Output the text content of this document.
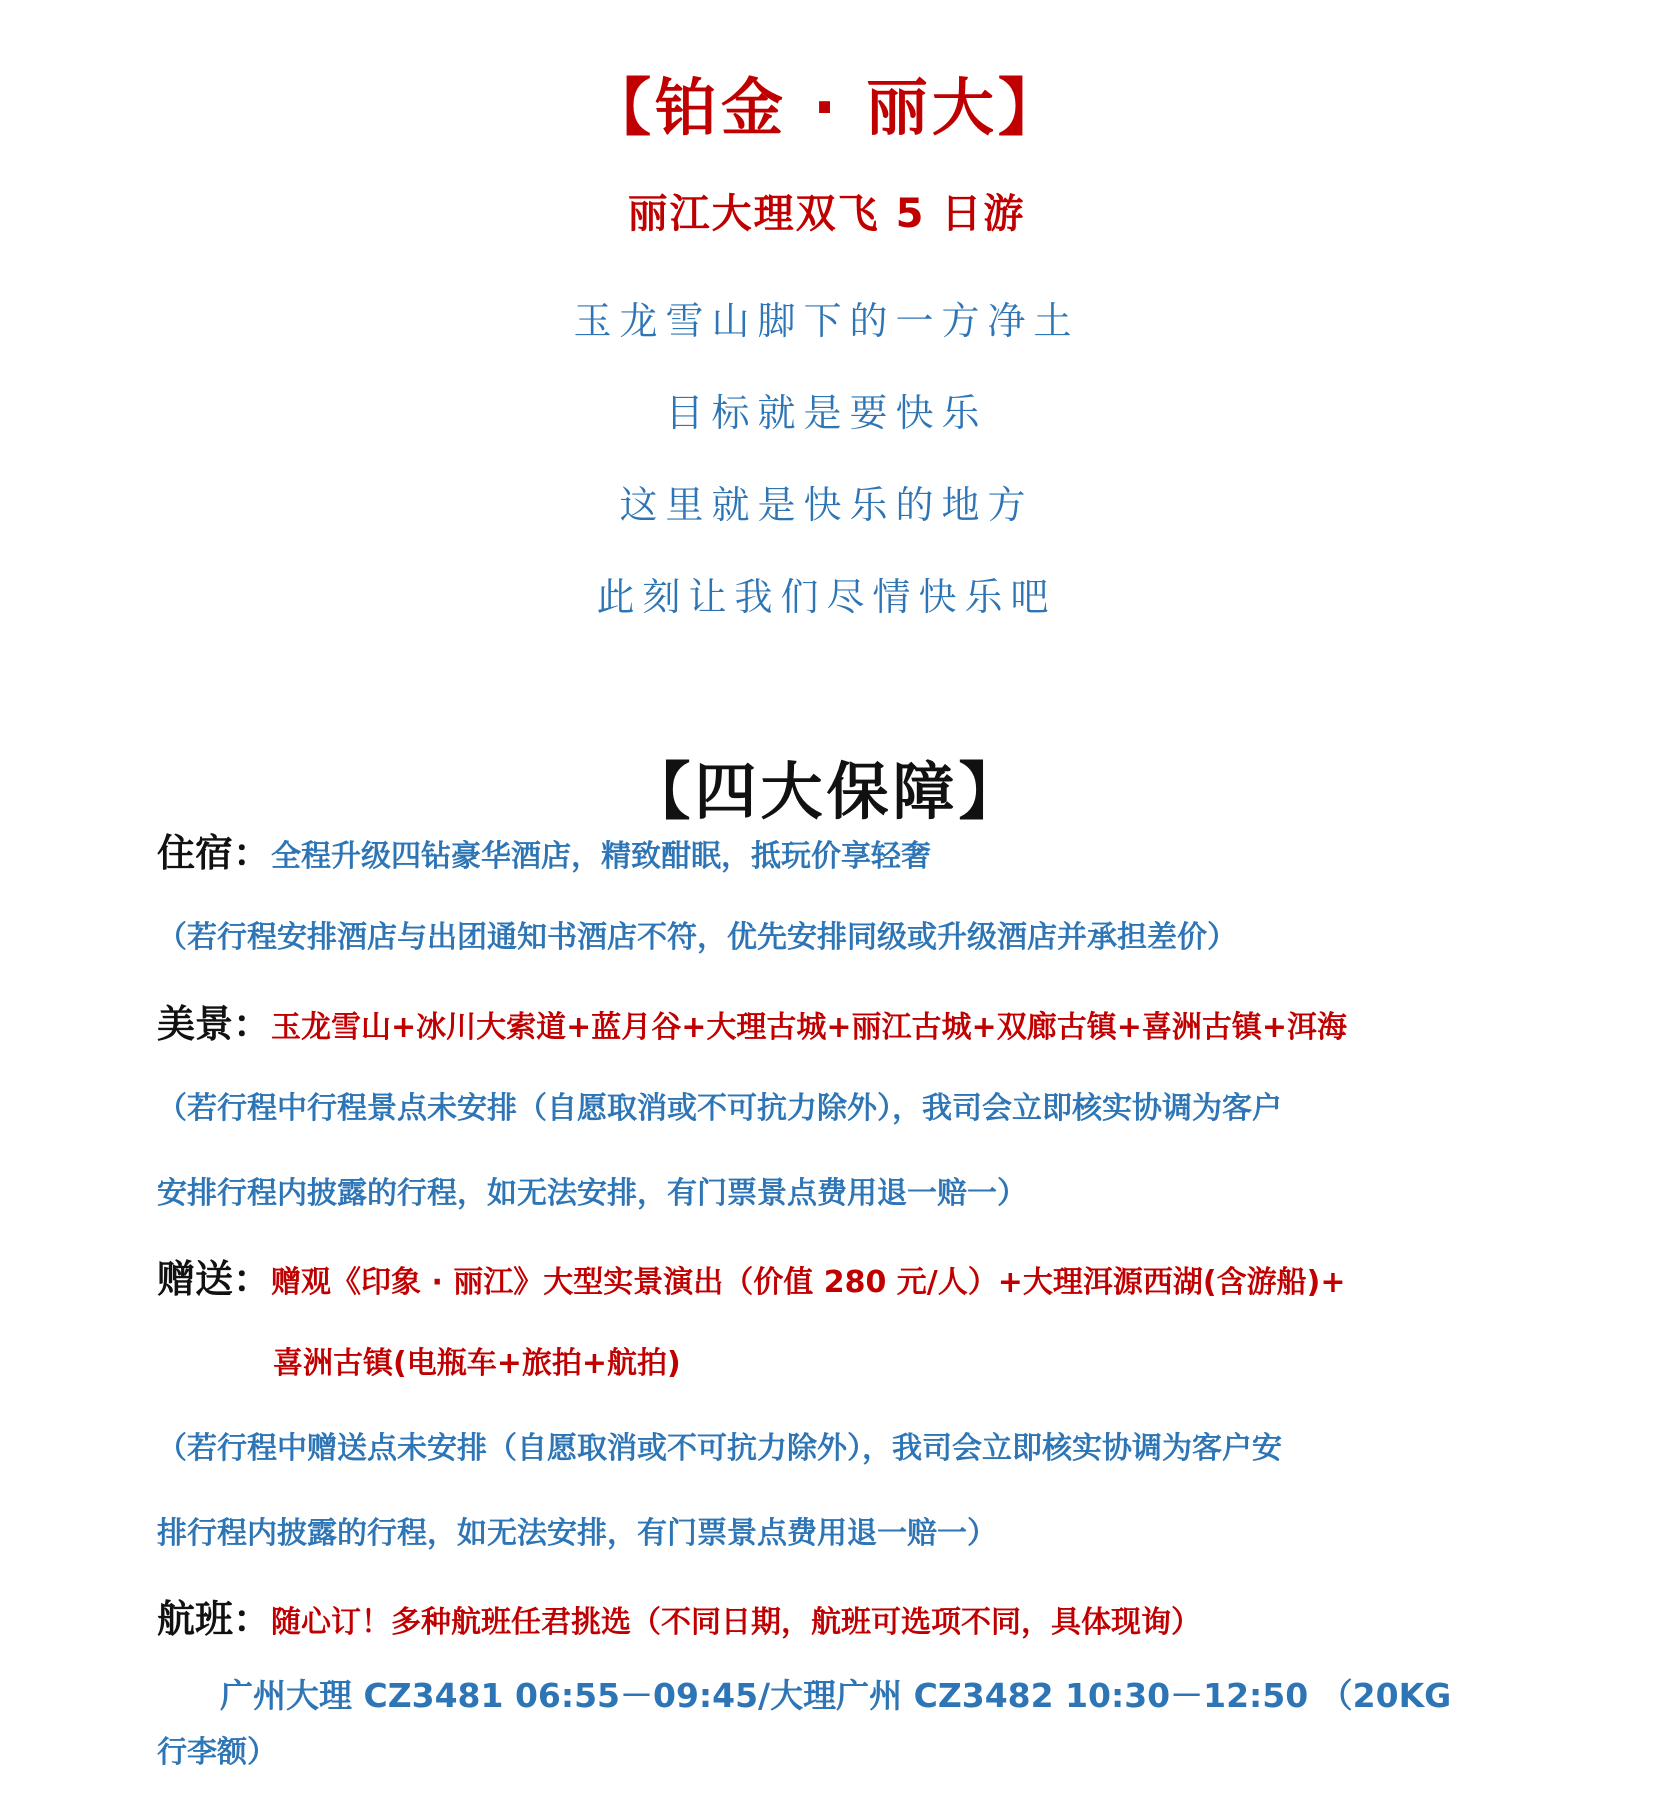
【铂金 · 丽大】
丽江大理双飞 5 日游
玉龙雪山脚下的一方净土
目标就是要快乐
这里就是快乐的地方
此刻让我们尽情快乐吧
【四大保障】
住宿：全程升级四钻豪华酒店，精致酣眠，抵玩价享轻奢
（若行程安排酒店与出团通知书酒店不符，优先安排同级或升级酒店并承担差价）
美景：玉龙雪山+冰川大索道+蓝月谷+大理古城+丽江古城+双廊古镇+喜洲古镇+洱海
（若行程中行程景点未安排（自愿取消或不可抗力除外），我司会立即核实协调为客户
安排行程内披露的行程，如无法安排，有门票景点费用退一赔一）
赠送：赠观《印象 · 丽江》大型实景演出（价值 280 元/人）+大理洱源西湖(含游船)+
喜洲古镇(电瓶车+旅拍+航拍)
（若行程中赠送点未安排（自愿取消或不可抗力除外），我司会立即核实协调为客户安
排行程内披露的行程，如无法安排，有门票景点费用退一赔一）
航班：随心订！多种航班任君挑选（不同日期，航班可选项不同，具体现询）
广州大理 CZ3481 06:55－09:45/大理广州 CZ3482 10:30－12:50 （20KG
行李额）
